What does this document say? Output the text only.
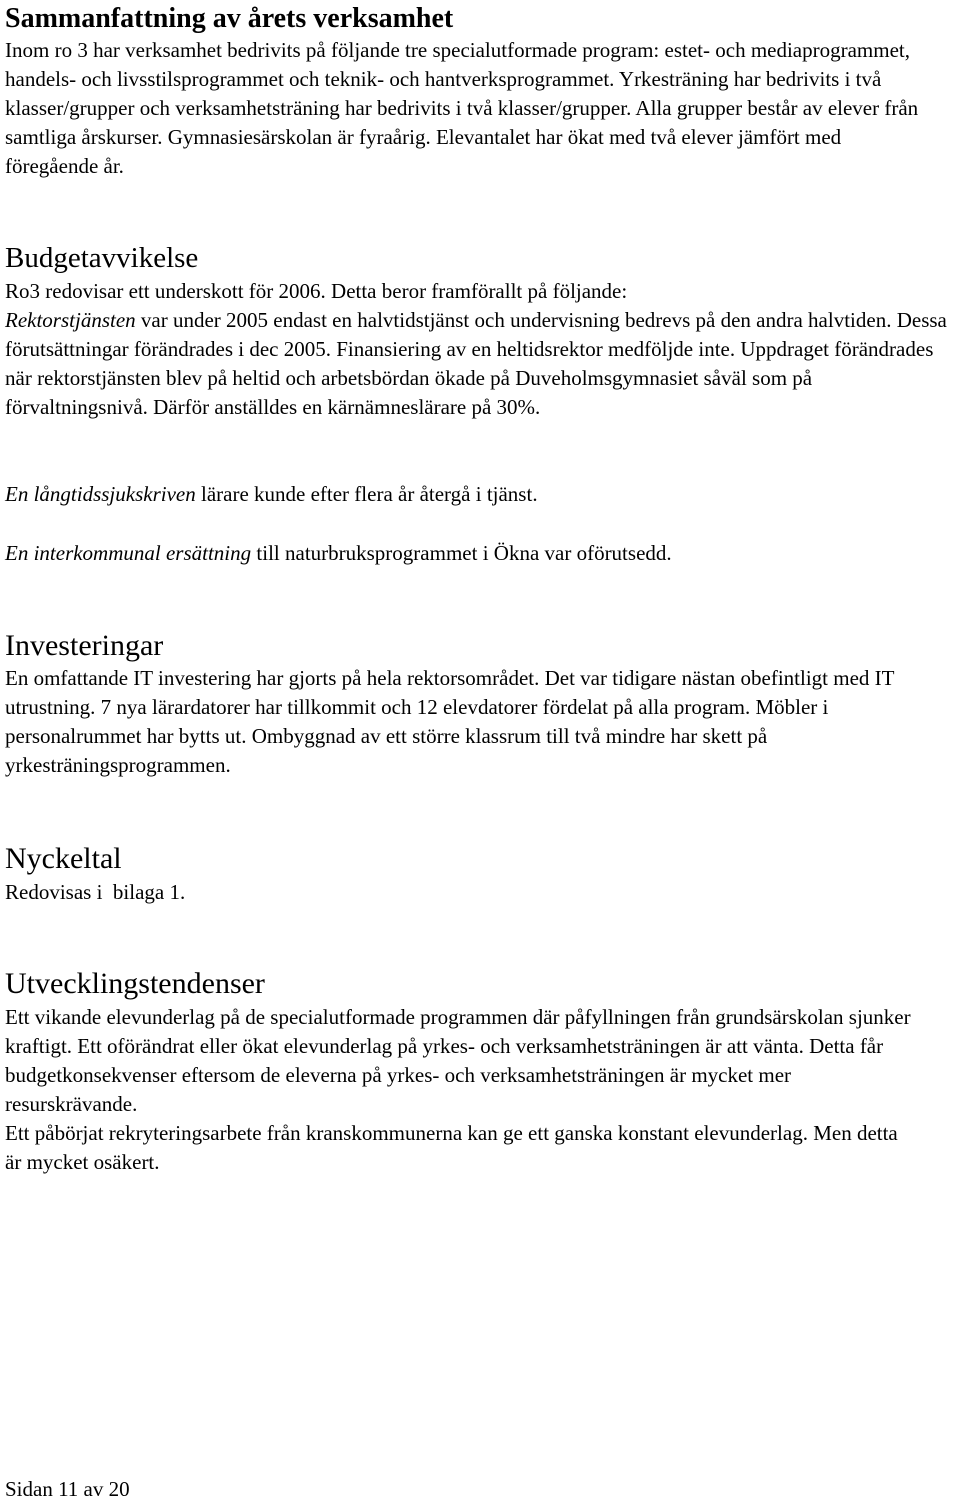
Sammanfattning av årets verksamhet

Inom ro 3 har verksamhet bedrivits på följande tre specialutformade program: estet- och mediaprogrammet, handels- och livsstilsprogrammet och teknik- och hantverksprogrammet. Yrkesträning har bedrivits i två klasser/grupper och verksamhetsträning har bedrivits i två klasser/grupper. Alla grupper består av elever från samtliga årskurser. Gymnasiesärskolan är fyraårig. Elevantalet har ökat med två elever jämfört med föregående år.

Budgetavvikelse

Ro3 redovisar ett underskott för 2006. Detta beror framförallt på följande:
Rektorstjänsten var under 2005 endast en halvtidstjänst och undervisning bedrevs på den andra halvtiden. Dessa förutsättningar förändrades i dec 2005. Finansiering av en heltidsrektor medföljde inte. Uppdraget förändrades när rektorstjänsten blev på heltid och arbetsbördan ökade på Duveholmsgymnasiet såväl som på förvaltningsnivå. Därför anställdes en kärnämneslärare på 30%.

En långtidssjukskriven lärare kunde efter flera år återgå i tjänst.

En interkommunal ersättning till naturbruksprogrammet i Ökna var oförutsedd.

Investeringar

En omfattande IT investering har gjorts på hela rektorsområdet. Det var tidigare nästan obefintligt med IT utrustning. 7 nya lärardatorer har tillkommit och 12 elevdatorer fördelat på alla program. Möbler i personalrummet har bytts ut. Ombyggnad av ett större klassrum till två mindre har skett på yrkesträningsprogrammen.

Nyckeltal

Redovisas i  bilaga 1.

Utvecklingstendenser

Ett vikande elevunderlag på de specialutformade programmen där påfyllningen från grundsärskolan sjunker kraftigt. Ett oförändrat eller ökat elevunderlag på yrkes- och verksamhetsträningen är att vänta. Detta får budgetkonsekvenser eftersom de eleverna på yrkes- och verksamhetsträningen är mycket mer resurskrävande.
Ett påbörjat rekryteringsarbete från kranskommunerna kan ge ett ganska konstant elevunderlag. Men detta är mycket osäkert.

Sidan 11 av 20
